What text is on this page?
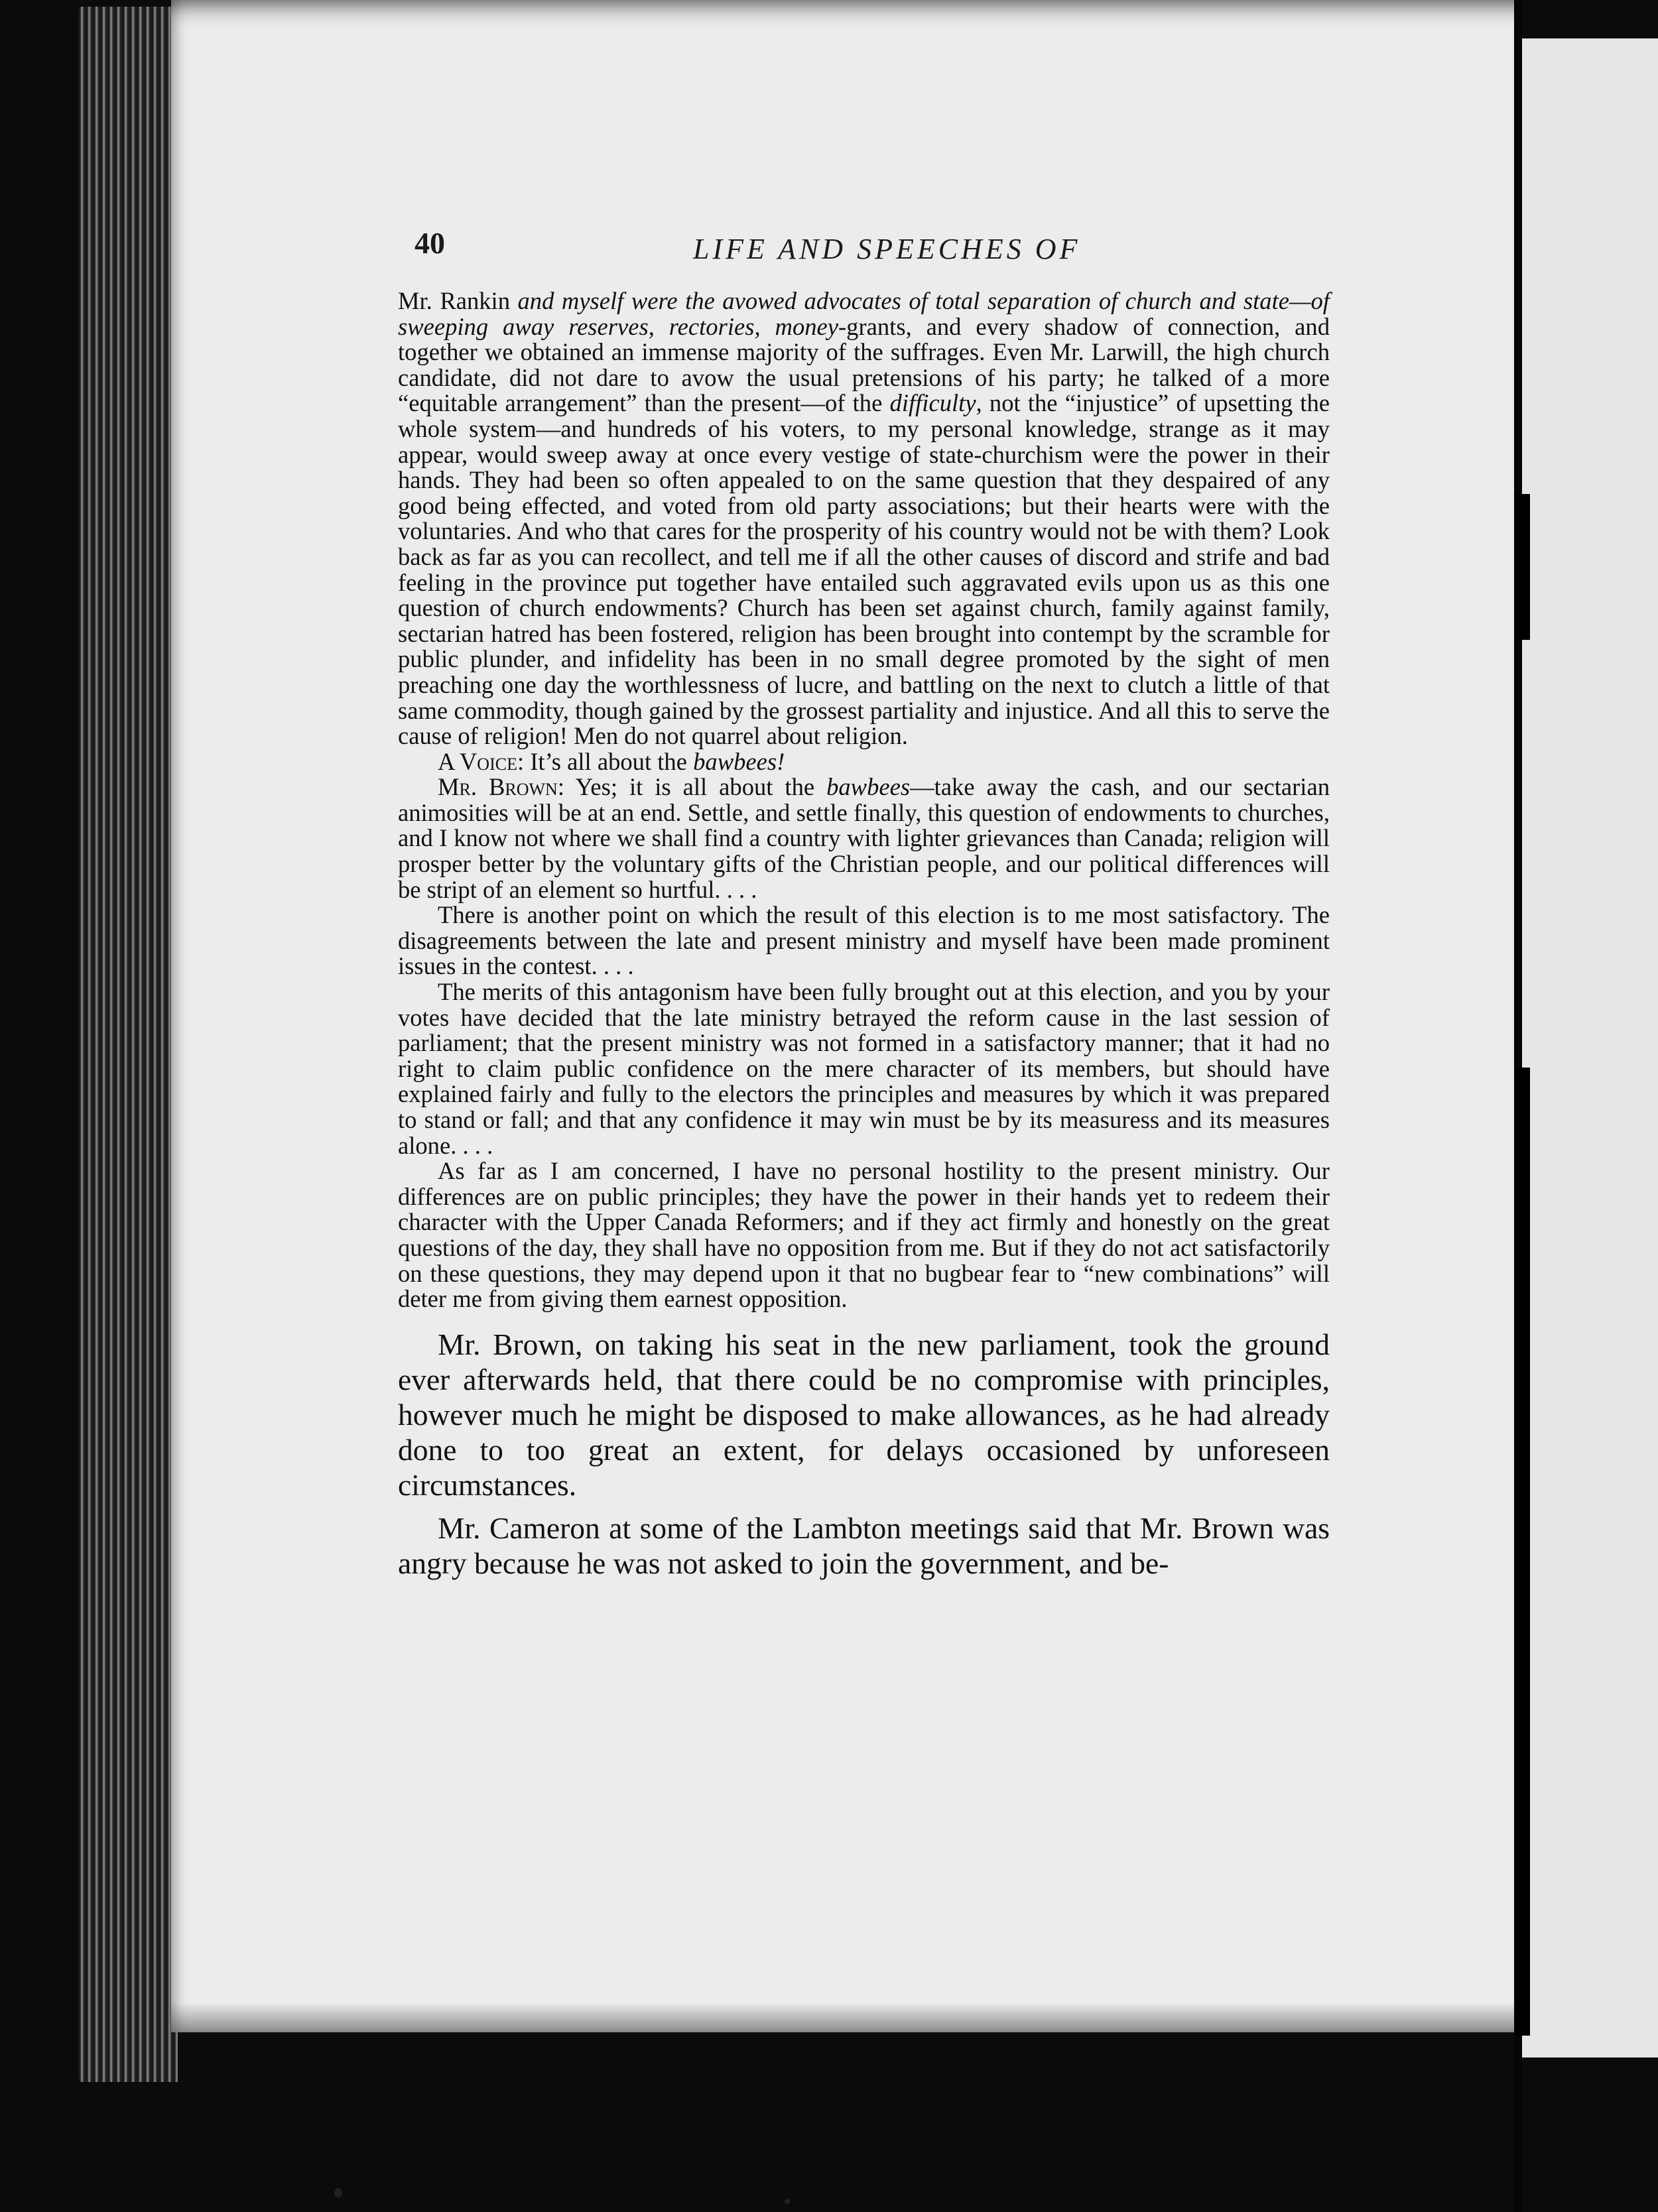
40	LIFE AND SPEECHES OF

Mr. Rankin and myself were the avowed advocates of total separation of church and state—of sweeping away reserves, rectories, money-grants, and every shadow of connection, and together we obtained an immense majority of the suffrages. Even Mr. Larwill, the high church candidate, did not dare to avow the usual pretensions of his party; he talked of a more “equitable arrangement” than the present—of the difficulty, not the “injustice” of upsetting the whole system—and hundreds of his voters, to my personal knowledge, strange as it may appear, would sweep away at once every vestige of state-churchism were the power in their hands. They had been so often appealed to on the same question that they despaired of any good being effected, and voted from old party associations; but their hearts were with the voluntaries. And who that cares for the prosperity of his country would not be with them? Look back as far as you can recollect, and tell me if all the other causes of discord and strife and bad feeling in the province put together have entailed such aggravated evils upon us as this one question of church endowments? Church has been set against church, family against family, sectarian hatred has been fostered, religion has been brought into contempt by the scramble for public plunder, and infidelity has been in no small degree promoted by the sight of men preaching one day the worthlessness of lucre, and battling on the next to clutch a little of that same commodity, though gained by the grossest partiality and injustice. And all this to serve the cause of religion! Men do not quarrel about religion.

A Voice: It’s all about the bawbees!

Mr. Brown: Yes; it is all about the bawbees—take away the cash, and our sectarian animosities will be at an end. Settle, and settle finally, this question of endowments to churches, and I know not where we shall find a country with lighter grievances than Canada; religion will prosper better by the voluntary gifts of the Christian people, and our political differences will be stript of an element so hurtful. . . .

There is another point on which the result of this election is to me most satisfactory. The disagreements between the late and present ministry and myself have been made prominent issues in the contest. . . .

The merits of this antagonism have been fully brought out at this election, and you by your votes have decided that the late ministry betrayed the reform cause in the last session of parliament; that the present ministry was not formed in a satisfactory manner; that it had no right to claim public confidence on the mere character of its members, but should have explained fairly and fully to the electors the principles and measures by which it was prepared to stand or fall; and that any confidence it may win must be by its measuress and its measures alone. . . .

As far as I am concerned, I have no personal hostility to the present ministry. Our differences are on public principles; they have the power in their hands yet to redeem their character with the Upper Canada Reformers; and if they act firmly and honestly on the great questions of the day, they shall have no opposition from me. But if they do not act satisfactorily on these questions, they may depend upon it that no bugbear fear to “new combinations” will deter me from giving them earnest opposition.

Mr. Brown, on taking his seat in the new parliament, took the ground ever afterwards held, that there could be no compromise with principles, however much he might be disposed to make allowances, as he had already done to too great an extent, for delays occasioned by unforeseen circumstances.

Mr. Cameron at some of the Lambton meetings said that Mr. Brown was angry because he was not asked to join the government, and be-
